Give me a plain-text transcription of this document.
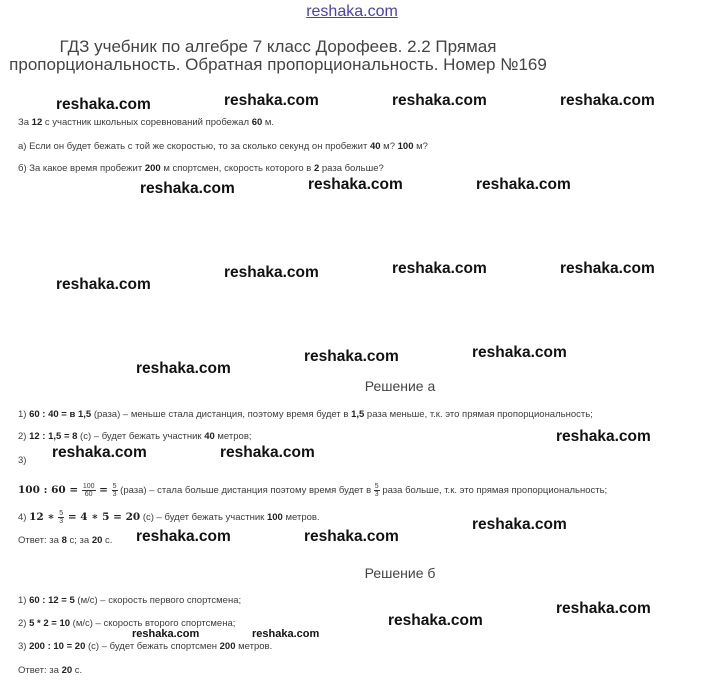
reshaka.com
ГДЗ учебник по алгебре 7 класс Дорофеев. 2.2 Прямая пропорциональность. Обратная пропорциональность. Номер №169
За 12 с участник школьных соревнований пробежал 60 м.
а) Если он будет бежать с той же скоростью, то за сколько секунд он пробежит 40 м? 100 м?
б) За какое время пробежит 200 м спортсмен, скорость которого в 2 раза больше?
Решение а
1) 60 : 40 = в 1,5 (раза) – меньше стала дистанция, поэтому время будет в 1,5 раза меньше, т.к. это прямая пропорциональность;
2) 12 : 1,5 = 8 (с) – будет бежать участник 40 метров;
3)
100 : $60 = \frac{100}{60} = \frac{5}{3}$ (раза) – стала больше дистанция поэтому время будет в $\frac{5}{3}$ раза больше, т.к. это прямая пропорциональность;
4) 12 ∗ $\frac{5}{3} = 4$ ∗ 5 = 20 (с) – будет бежать участник 100 метров.
Ответ: за 8 с; за 20 с.
Решение б
1) 60 : 12 = 5 (м/с) – скорость первого спортсмена;
2) 5 * 2 = 10 (м/с) – скорость второго спортсмена;
3) 200 : 10 = 20 (с) – будет бежать спортсмен 200 метров.
Ответ: за 20 с.
reshaka.com	reshaka.com	reshaka.com	reshaka.com
reshaka.com	reshaka.com	reshaka.com
reshaka.com	reshaka.com	reshaka.com
reshaka.com
reshaka.com	reshaka.com
reshaka.com
reshaka.com
reshaka.com	reshaka.com
reshaka.com
reshaka.com	reshaka.com
reshaka.com
reshaka.com
reshaka.com	reshaka.com
